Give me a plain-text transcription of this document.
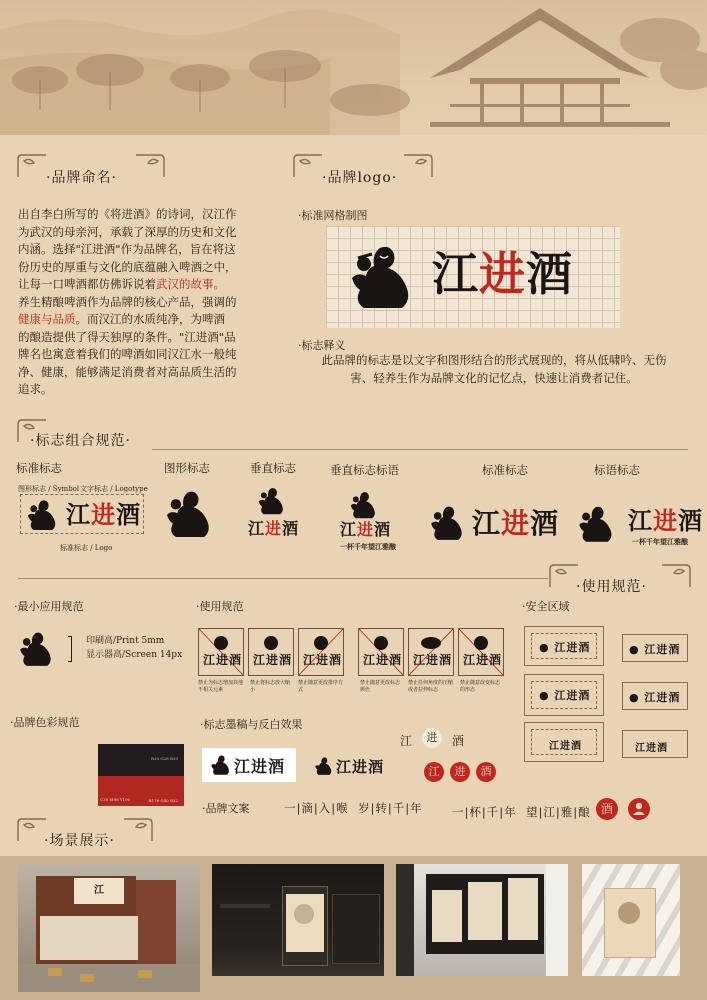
·品牌命名·
出自李白所写的《将进酒》的诗词，汉江作
为武汉的母亲河，承载了深厚的历史和文化
内涵。选择"江进酒"作为品牌名，旨在将这
份历史的厚重与文化的底蕴融入啤酒之中，
让每一口啤酒都仿佛诉说着武汉的故事。
养生精酿啤酒作为品牌的核心产品，强调的
健康与品质。而汉江的水质纯净，为啤酒
的酿造提供了得天独厚的条件。"江进酒"品
牌名也寓意着我们的啤酒如同汉江水一般纯
净、健康，能够满足消费者对高品质生活的
追求。
·品牌logo·
·标准网格制图
江进酒
·标志释义
此品牌的标志是以文字和图形结合的形式展现的，将从低啸吟、无伤
害、轻养生作为品牌文化的记忆点，快速让消费者记住。
·标志组合规范·
标准标志	图形标志	垂直标志	垂直标志标语	标准标志	标语标志
图形标志 / Symbol 文字标志 / Logotype
江进酒
标准标志 / Logo
江进酒	江进酒
一杯千年望江雅酿
江进酒	江进酒
一杯千年望江雅酿
·使用规范·
·最小应用规范
印刷高/Print 5mm
显示器高/Screen 14px
·使用规范
江进酒 江进酒 江进酒 江进酒 江进酒 江进酒
禁止为标志增加其他不相关元素
禁止将标志放大缩小
禁止随意更改排序方式
禁止随意更改标志颜色
禁止任何角度的压缩或者拉伸标志
禁止随意改变标志的形态
·安全区域
● 江进酒	● 江进酒
● 江进酒	● 江进酒
江进酒	江进酒
·品牌色彩规范
R35 G28 B30
R176 G40 B32
C30 M98 Y100
·标志墨稿与反白效果
江进酒	江进酒
江	进	酒
江	进	酒
·品牌文案	一|滴|入|喉 岁|转|千|年	一|杯|千|年 望|江|雅|酿 酒
·场景展示·
江
